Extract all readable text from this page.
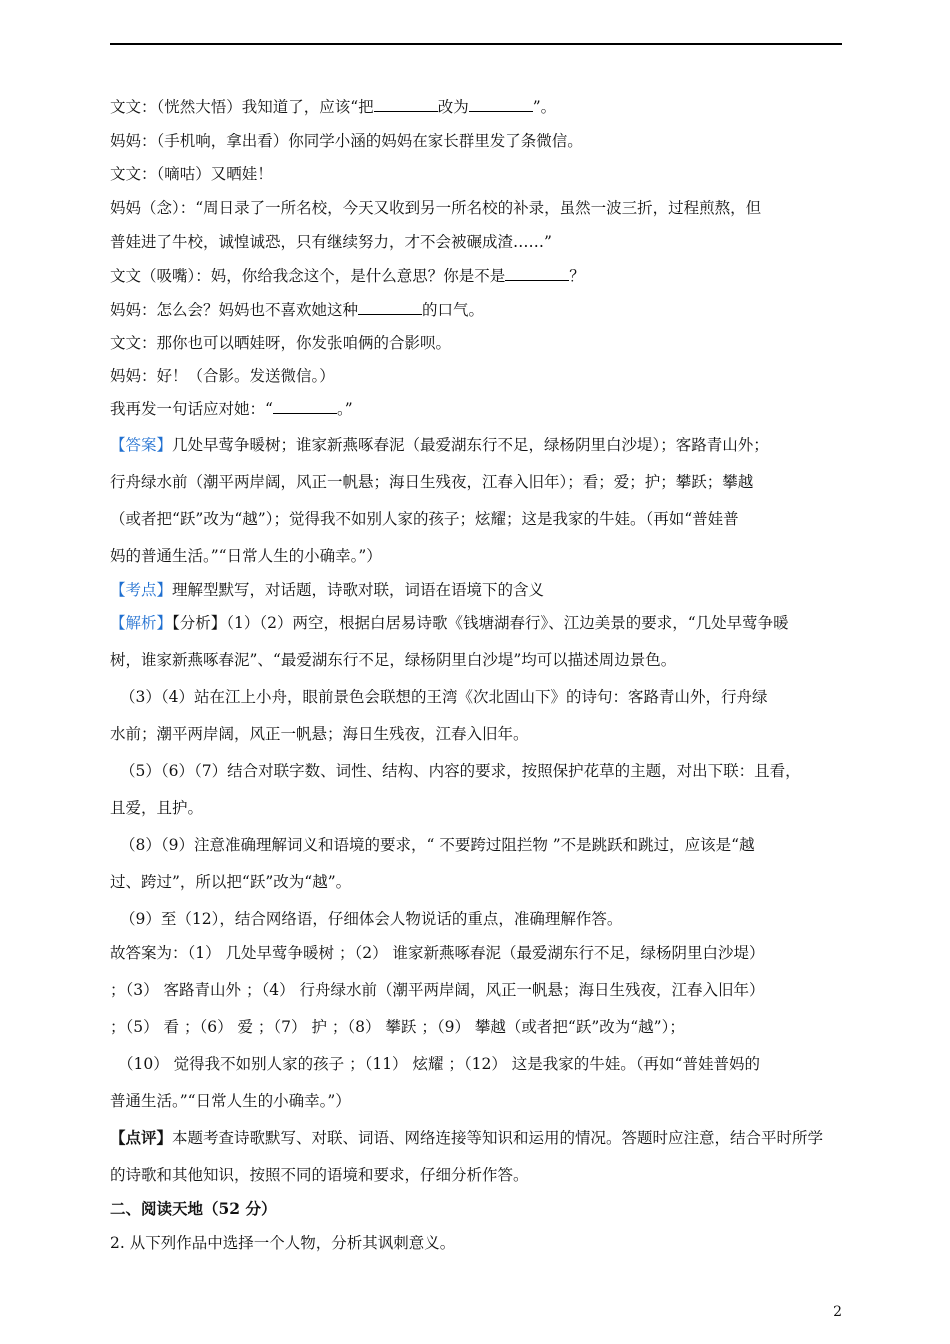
文文：（恍然大悟）我知道了，应该“把	改为	”。

妈妈：（手机响，拿出看）你同学小涵的妈妈在家长群里发了条微信。

文文：（嘀咕）又晒娃！

妈妈（念）：“周日录了一所名校，今天又收到另一所名校的补录，虽然一波三折，过程煎熬，但

普娃进了牛校，诚惶诚恐，只有继续努力，才不会被碾成渣……”

文文（吸嘴）：妈，你给我念这个，是什么意思？你是不是	？

妈妈：怎么会？妈妈也不喜欢她这种	的口气。

文文：那你也可以晒娃呀，你发张咱俩的合影呗。

妈妈：好！（合影。发送微信。）

我再发一句话应对她：“	。”

【答案】几处早莺争暖树；谁家新燕啄春泥（最爱湖东行不足，绿杨阴里白沙堤）；客路青山外；

行舟绿水前（潮平两岸阔，风正一帆悬；海日生残夜，江春入旧年）；看；爱；护；攀跃；攀越

（或者把“跃”改为“越”）；觉得我不如别人家的孩子；炫耀；这是我家的牛娃。（再如“普娃普

妈的普通生活。”“日常人生的小确幸。”）

【考点】理解型默写，对话题，诗歌对联，词语在语境下的含义

【解析】【分析】（1）（2）两空，根据白居易诗歌《钱塘湖春行》、江边美景的要求，“几处早莺争暖

树，谁家新燕啄春泥”、“最爱湖东行不足，绿杨阴里白沙堤”均可以描述周边景色。

（3）（4）站在江上小舟，眼前景色会联想的王湾《次北固山下》的诗句：客路青山外，行舟绿

水前；潮平两岸阔，风正一帆悬；海日生残夜，江春入旧年。

（5）（6）（7）结合对联字数、词性、结构、内容的要求，按照保护花草的主题，对出下联：且看，

且爱，且护。

（8）（9）注意准确理解词义和语境的要求，“ 不要跨过阻拦物 ”不是跳跃和跳过，应该是“越

过、跨过”，所以把“跃”改为“越”。

（9）至（12），结合网络语，仔细体会人物说话的重点，准确理解作答。

故答案为：（1） 几处早莺争暖树 ；（2） 谁家新燕啄春泥（最爱湖东行不足，绿杨阴里白沙堤）

；（3） 客路青山外 ；（4） 行舟绿水前（潮平两岸阔，风正一帆悬；海日生残夜，江春入旧年）

；（5） 看 ；（6） 爱 ；（7） 护 ；（8） 攀跃 ；（9） 攀越（或者把“跃”改为“越”）；

（10） 觉得我不如别人家的孩子 ；（11） 炫耀 ；（12） 这是我家的牛娃。（再如“普娃普妈的

普通生活。”“日常人生的小确幸。”）

【点评】本题考查诗歌默写、对联、词语、网络连接等知识和运用的情况。答题时应注意，结合平时所学

的诗歌和其他知识，按照不同的语境和要求，仔细分析作答。

二、阅读天地（52 分）

2. 从下列作品中选择一个人物，分析其讽刺意义。

2
